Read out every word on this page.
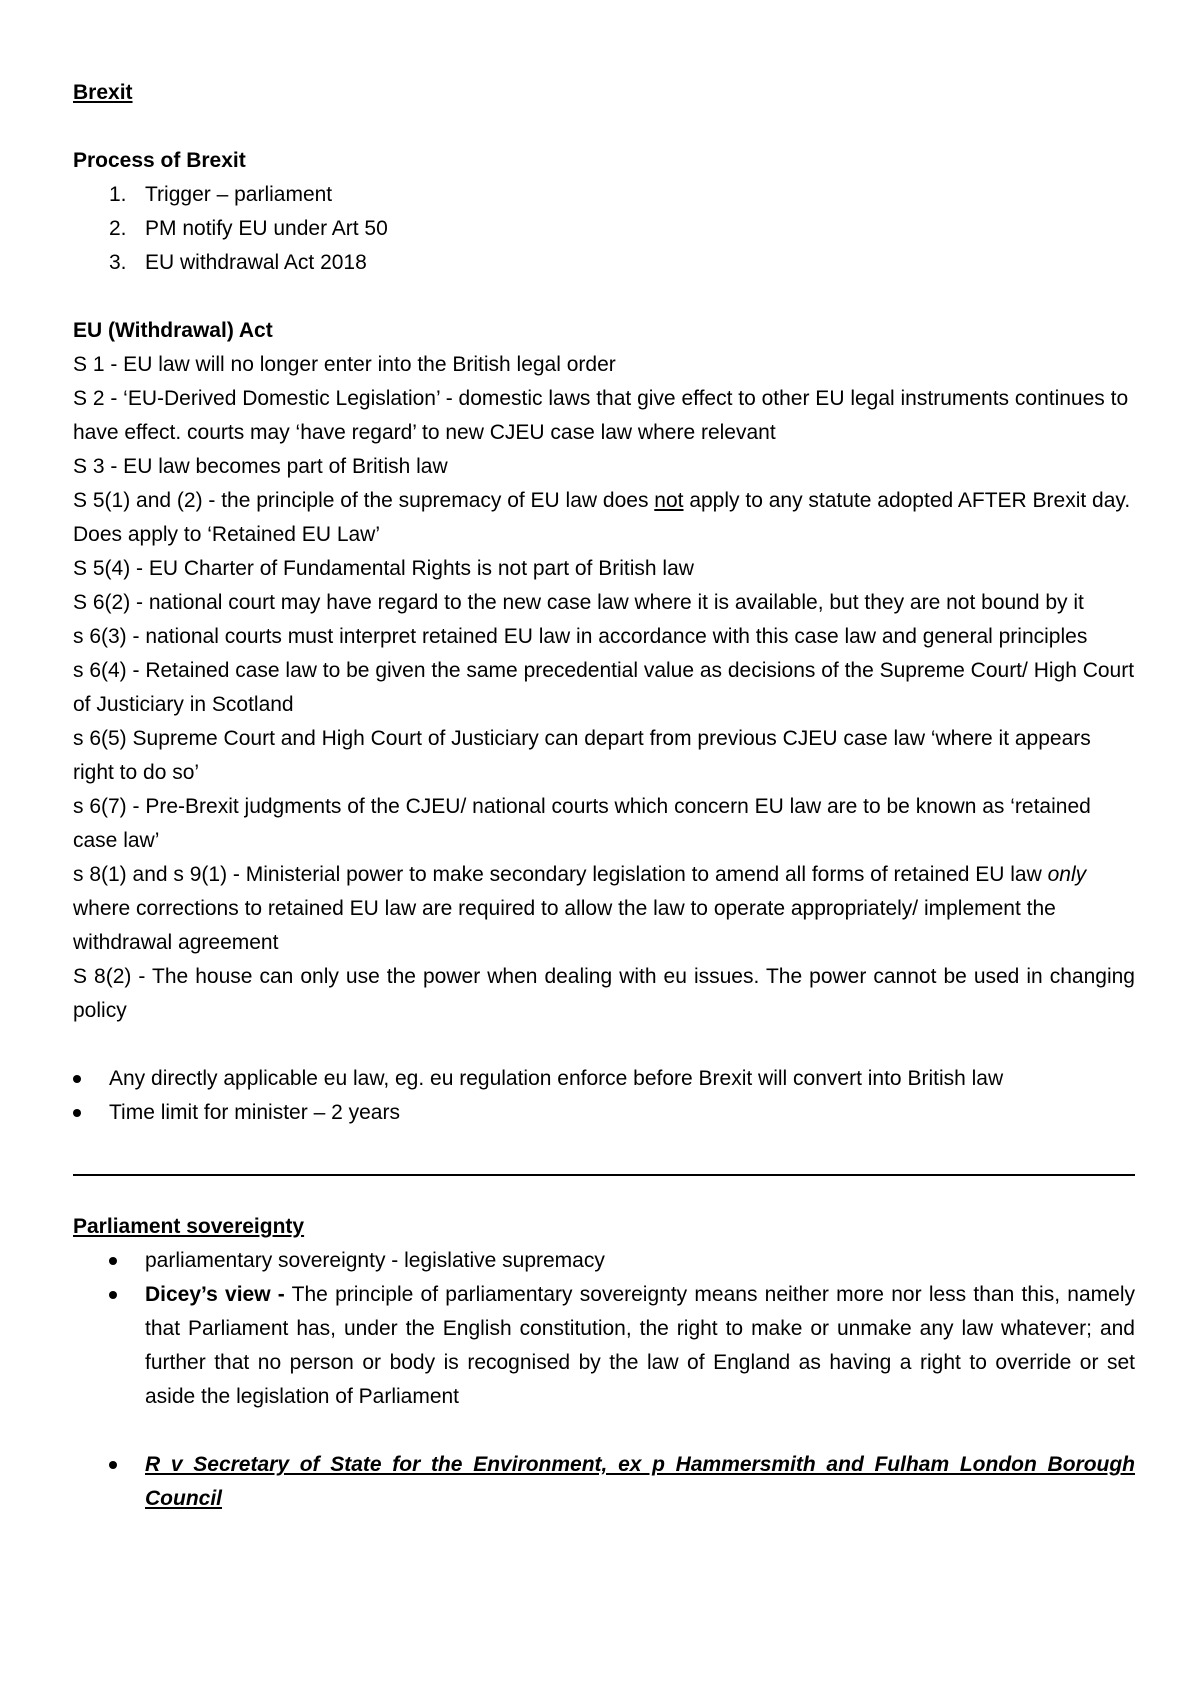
Brexit

Process of Brexit

1. Trigger – parliament
2. PM notify EU under Art 50
3. EU withdrawal Act 2018

EU (Withdrawal) Act

S 1 - EU law will no longer enter into the British legal order

S 2 - ‘EU-Derived Domestic Legislation’ - domestic laws that give effect to other EU legal instruments continues to have effect. courts may ‘have regard’ to new CJEU case law where relevant

S 3 - EU law becomes part of British law

S 5(1) and (2) - the principle of the supremacy of EU law does not apply to any statute adopted AFTER Brexit day. Does apply to ‘Retained EU Law’

S 5(4) - EU Charter of Fundamental Rights is not part of British law

S 6(2) - national court may have regard to the new case law where it is available, but they are not bound by it

s 6(3) - national courts must interpret retained EU law in accordance with this case law and general principles

s 6(4) - Retained case law to be given the same precedential value as decisions of the Supreme Court/ High Court of Justiciary in Scotland

s 6(5) Supreme Court and High Court of Justiciary can depart from previous CJEU case law ‘where it appears right to do so’

s 6(7) - Pre-Brexit judgments of the CJEU/ national courts which concern EU law are to be known as ‘retained case law’

s 8(1) and s 9(1) - Ministerial power to make secondary legislation to amend all forms of retained EU law only where corrections to retained EU law are required to allow the law to operate appropriately/ implement the withdrawal agreement

S 8(2) - The house can only use the power when dealing with eu issues. The power cannot be used in changing policy

Any directly applicable eu law, eg. eu regulation enforce before Brexit will convert into British law
Time limit for minister – 2 years

Parliament sovereignty

parliamentary sovereignty - legislative supremacy
Dicey’s view - The principle of parliamentary sovereignty means neither more nor less than this, namely that Parliament has, under the English constitution, the right to make or unmake any law whatever; and further that no person or body is recognised by the law of England as having a right to override or set aside the legislation of Parliament
R v Secretary of State for the Environment, ex p Hammersmith and Fulham London Borough Council
